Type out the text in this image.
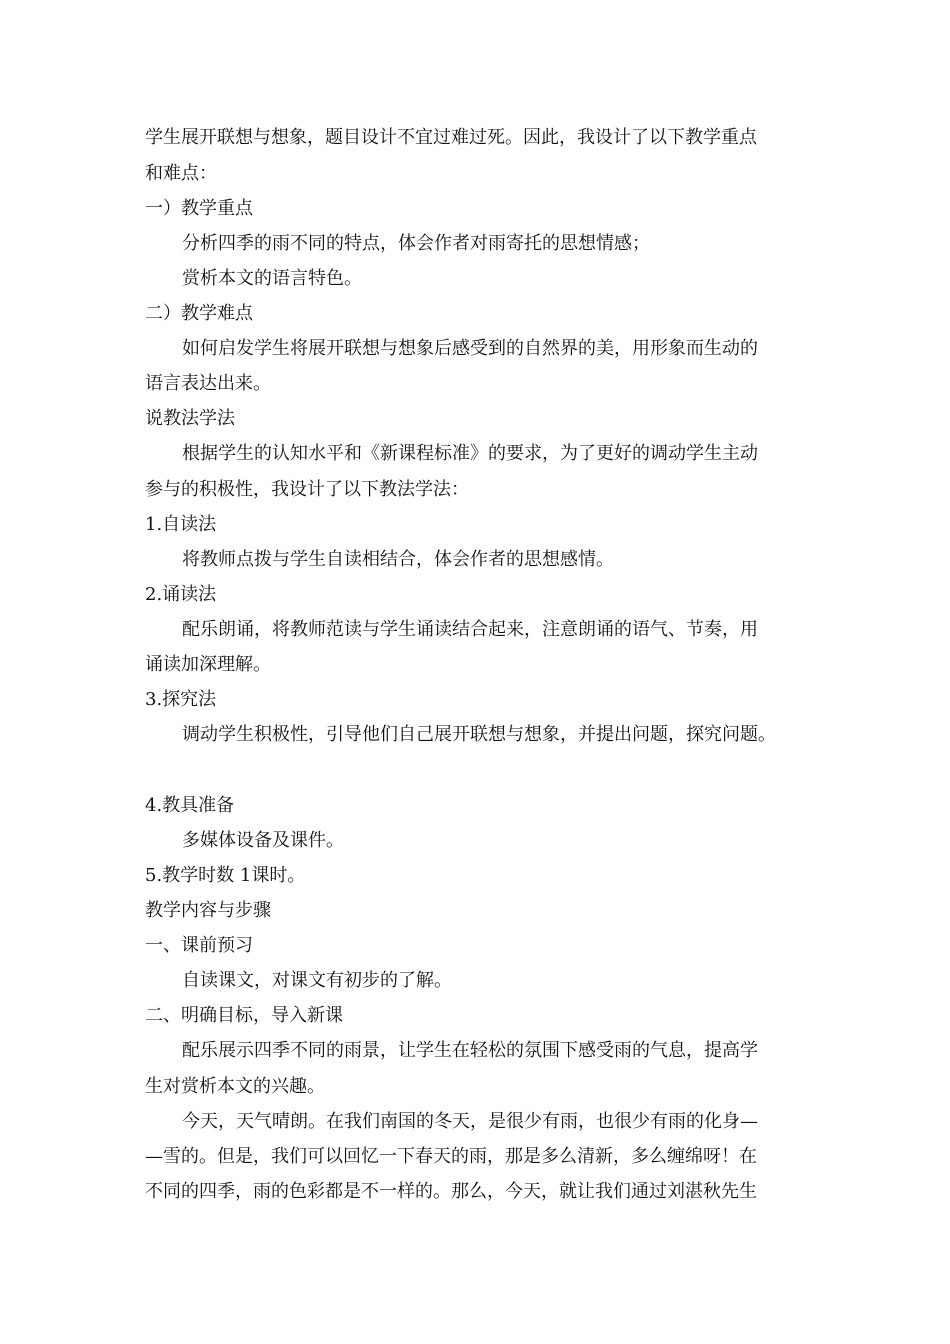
学生展开联想与想象，题目设计不宜过难过死。因此，我设计了以下教学重点
和难点：
一）教学重点
分析四季的雨不同的特点，体会作者对雨寄托的思想情感；
赏析本文的语言特色。
二）教学难点
如何启发学生将展开联想与想象后感受到的自然界的美，用形象而生动的
语言表达出来。
说教法学法
根据学生的认知水平和《新课程标准》的要求，为了更好的调动学生主动
参与的积极性，我设计了以下教法学法：
1.自读法
将教师点拨与学生自读相结合，体会作者的思想感情。
2.诵读法
配乐朗诵，将教师范读与学生诵读结合起来，注意朗诵的语气、节奏，用
诵读加深理解。
3.探究法
调动学生积极性，引导他们自己展开联想与想象，并提出问题，探究问题。
4.教具准备
多媒体设备及课件。
5.教学时数 1课时。
教学内容与步骤
一、课前预习
自读课文，对课文有初步的了解。
二、明确目标，导入新课
配乐展示四季不同的雨景，让学生在轻松的氛围下感受雨的气息，提高学
生对赏析本文的兴趣。
今天，天气晴朗。在我们南国的冬天，是很少有雨，也很少有雨的化身—
—雪的。但是，我们可以回忆一下春天的雨，那是多么清新，多么缠绵呀！在
不同的四季，雨的色彩都是不一样的。那么，今天，就让我们通过刘湛秋先生
